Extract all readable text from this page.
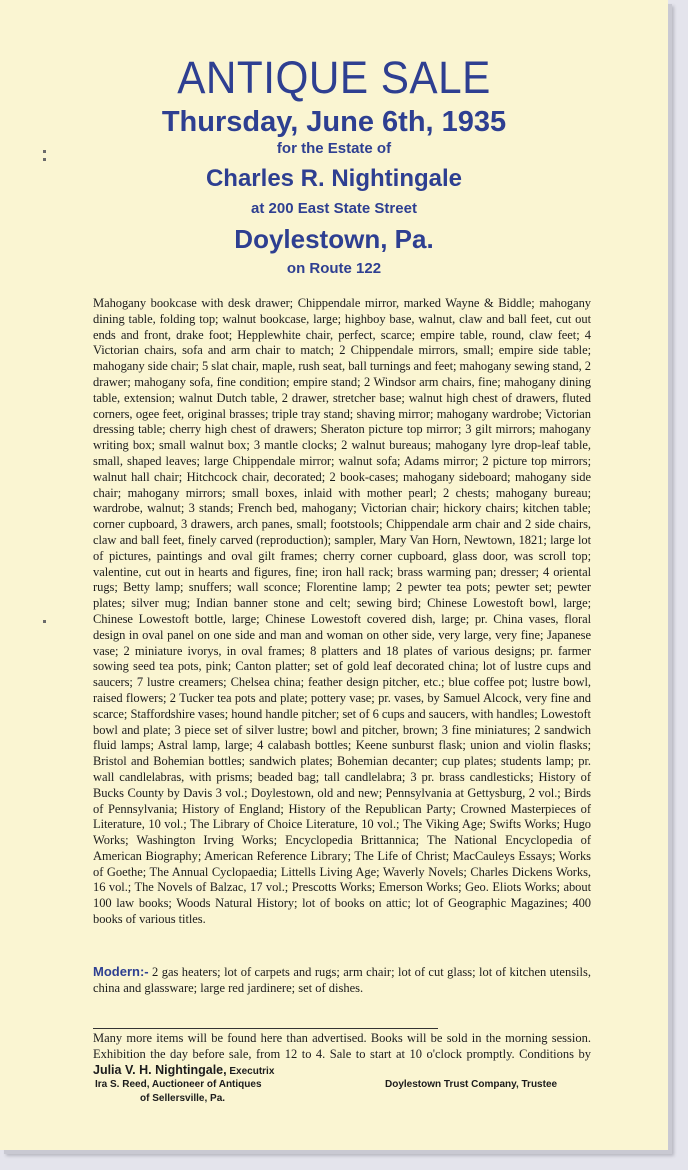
ANTIQUE SALE
Thursday, June 6th, 1935
for the Estate of
Charles R. Nightingale
at 200 East State Street
Doylestown, Pa.
on Route 122
Mahogany bookcase with desk drawer; Chippendale mirror, marked Wayne & Biddle; mahogany dining table, folding top; walnut bookcase, large; highboy base, walnut, claw and ball feet, cut out ends and front, drake foot; Hepplewhite chair, perfect, scarce; empire table, round, claw feet; 4 Victorian chairs, sofa and arm chair to match; 2 Chippendale mirrors, small; empire side table; mahogany side chair; 5 slat chair, maple, rush seat, ball turnings and feet; mahogany sewing stand, 2 drawer; mahogany sofa, fine condition; empire stand; 2 Windsor arm chairs, fine; mahogany dining table, extension; walnut Dutch table, 2 drawer, stretcher base; walnut high chest of drawers, fluted corners, ogee feet, original brasses; triple tray stand; shaving mirror; mahogany wardrobe; Victorian dressing table; cherry high chest of drawers; Sheraton picture top mirror; 3 gilt mirrors; mahogany writing box; small walnut box; 3 mantle clocks; 2 walnut bureaus; mahogany lyre drop-leaf table, small, shaped leaves; large Chippendale mirror; walnut sofa; Adams mirror; 2 picture top mirrors; walnut hall chair; Hitchcock chair, decorated; 2 book-cases; mahogany sideboard; mahogany side chair; mahogany mirrors; small boxes, inlaid with mother pearl; 2 chests; mahogany bureau; wardrobe, walnut; 3 stands; French bed, mahogany; Victorian chair; hickory chairs; kitchen table; corner cupboard, 3 drawers, arch panes, small; footstools; Chippendale arm chair and 2 side chairs, claw and ball feet, finely carved (reproduction); sampler, Mary Van Horn, Newtown, 1821; large lot of pictures, paintings and oval gilt frames; cherry corner cupboard, glass door, was scroll top; valentine, cut out in hearts and figures, fine; iron hall rack; brass warming pan; dresser; 4 oriental rugs; Betty lamp; snuffers; wall sconce; Florentine lamp; 2 pewter tea pots; pewter set; pewter plates; silver mug; Indian banner stone and celt; sewing bird; Chinese Lowestoft bowl, large; Chinese Lowestoft bottle, large; Chinese Lowestoft covered dish, large; pr. China vases, floral design in oval panel on one side and man and woman on other side, very large, very fine; Japanese vase; 2 miniature ivorys, in oval frames; 8 platters and 18 plates of various designs; pr. farmer sowing seed tea pots, pink; Canton platter; set of gold leaf decorated china; lot of lustre cups and saucers; 7 lustre creamers; Chelsea china; feather design pitcher, etc.; blue coffee pot; lustre bowl, raised flowers; 2 Tucker tea pots and plate; pottery vase; pr. vases, by Samuel Alcock, very fine and scarce; Staffordshire vases; hound handle pitcher; set of 6 cups and saucers, with handles; Lowestoft bowl and plate; 3 piece set of silver lustre; bowl and pitcher, brown; 3 fine miniatures; 2 sandwich fluid lamps; Astral lamp, large; 4 calabash bottles; Keene sunburst flask; union and violin flasks; Bristol and Bohemian bottles; sandwich plates; Bohemian decanter; cup plates; students lamp; pr. wall candlelabras, with prisms; beaded bag; tall candlelabra; 3 pr. brass candlesticks; History of Bucks County by Davis 3 vol.; Doylestown, old and new; Pennsylvania at Gettysburg, 2 vol.; Birds of Pennsylvania; History of England; History of the Republican Party; Crowned Masterpieces of Literature, 10 vol.; The Library of Choice Literature, 10 vol.; The Viking Age; Swifts Works; Hugo Works; Washington Irving Works; Encyclopedia Brittannica; The National Encyclopedia of American Biography; American Reference Library; The Life of Christ; MacCauleys Essays; Works of Goethe; The Annual Cyclopaedia; Littells Living Age; Waverly Novels; Charles Dickens Works, 16 vol.; The Novels of Balzac, 17 vol.; Prescotts Works; Emerson Works; Geo. Eliots Works; about 100 law books; Woods Natural History; lot of books on attic; lot of Geographic Magazines; 400 books of various titles.
Modern:- 2 gas heaters; lot of carpets and rugs; arm chair; lot of cut glass; lot of kitchen utensils, china and glassware; large red jardinere; set of dishes.
Many more items will be found here than advertised. Books will be sold in the morning session. Exhibition the day before sale, from 12 to 4. Sale to start at 10 o'clock promptly. Conditions by Julia V. H. Nightingale, Executrix
Ira S. Reed, Auctioneer of Antiques
of Sellersville, Pa.
Doylestown Trust Company, Trustee
